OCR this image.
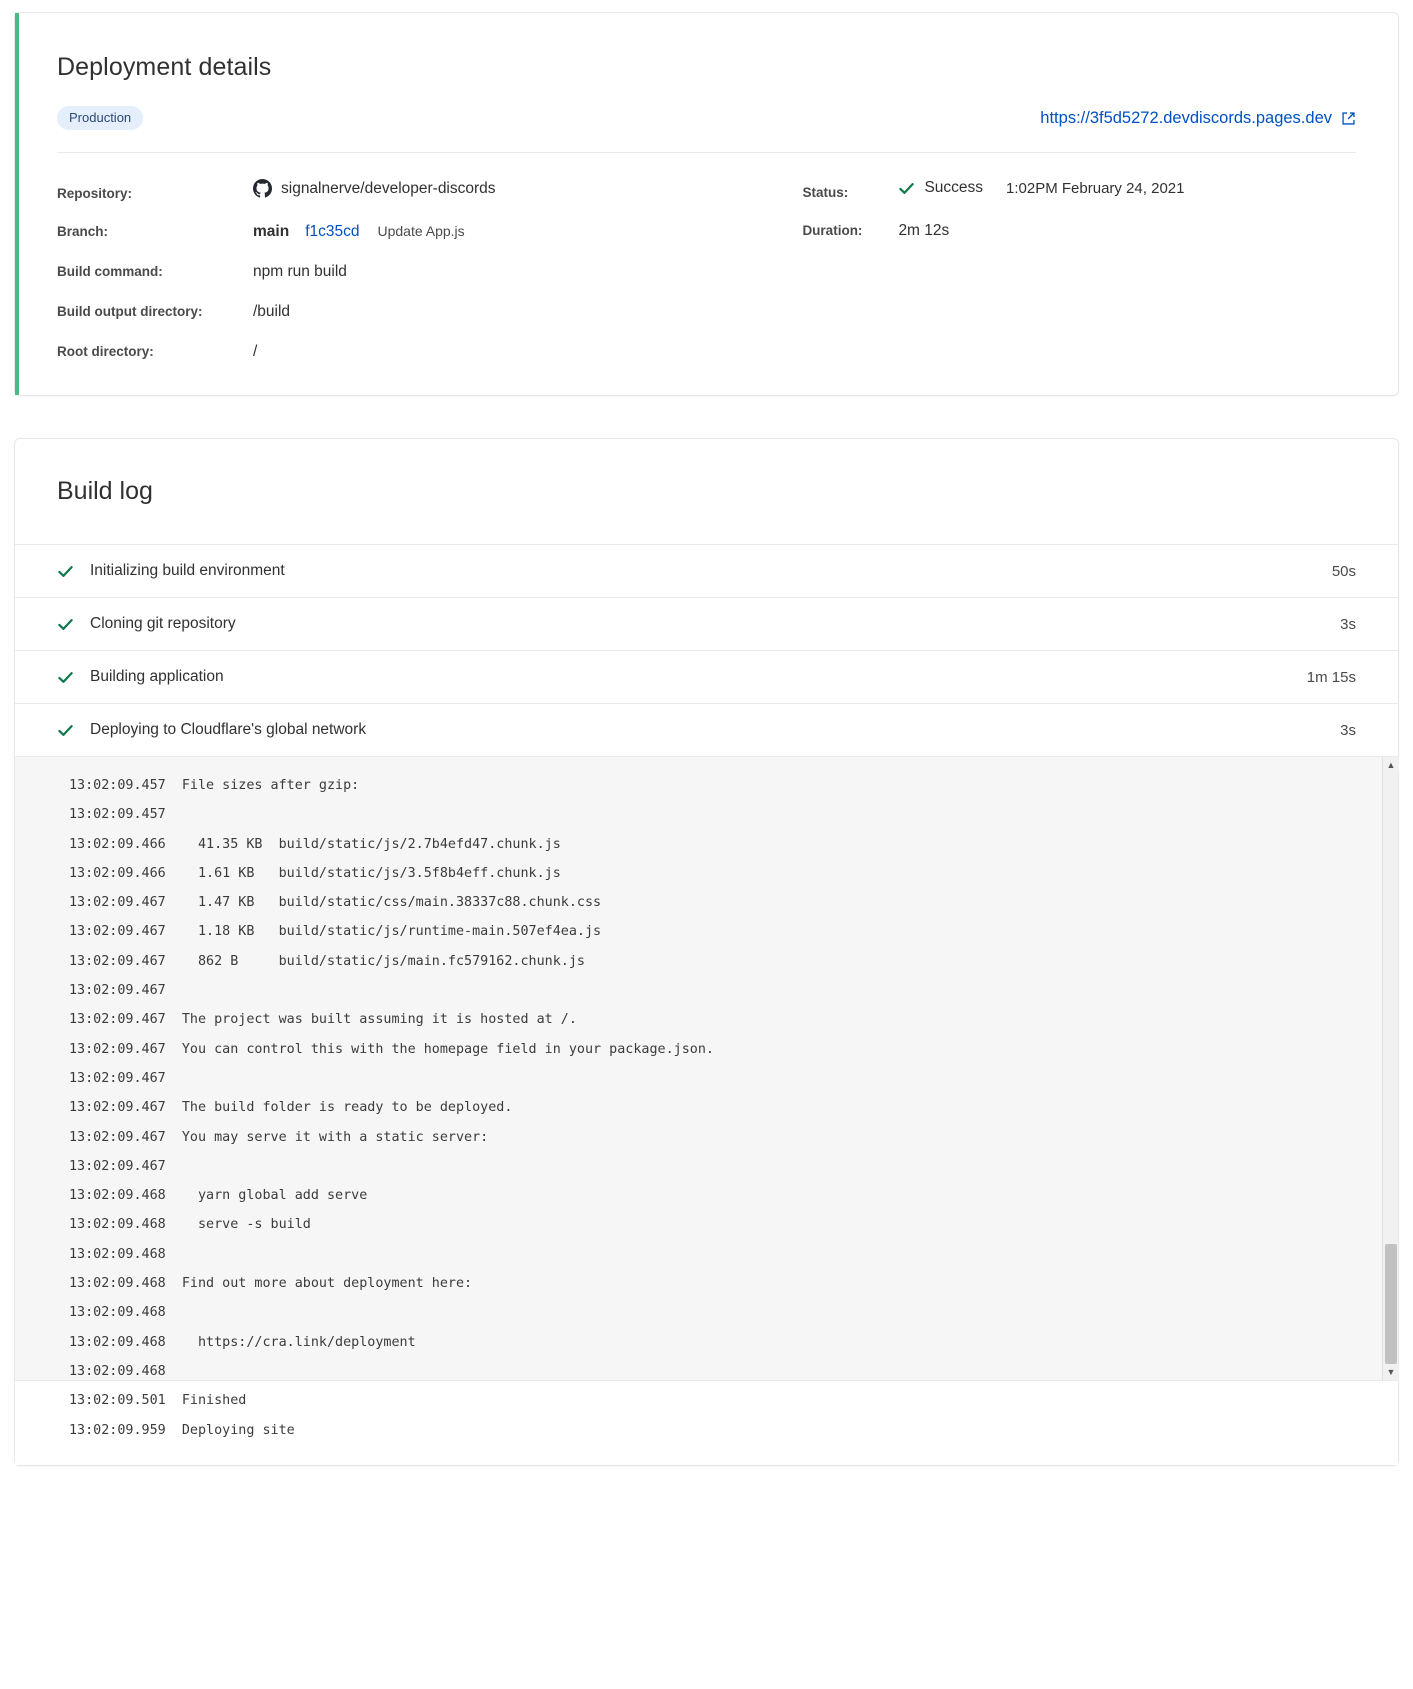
Deployment details
Production	https://3f5d5272.devdiscords.pages.dev
Repository:	signalnerve/developer-discords
Branch:	main f1c35cd Update App.js
Build command:	npm run build
Build output directory:	/build
Root directory:	/
Status:	Success 1:02PM February 24, 2021
Duration:	2m 12s
Build log
Initializing build environment	50s
Cloning git repository	3s
Building application	1m 15s
Deploying to Cloudflare's global network	3s
13:02:09.457 File sizes after gzip:
13:02:09.457
13:02:09.466    41.35 KB  build/static/js/2.7b4efd47.chunk.js
13:02:09.466    1.61 KB   build/static/js/3.5f8b4eff.chunk.js
13:02:09.467    1.47 KB   build/static/css/main.38337c88.chunk.css
13:02:09.467    1.18 KB   build/static/js/runtime-main.507ef4ea.js
13:02:09.467    862 B     build/static/js/main.fc579162.chunk.js
13:02:09.467
13:02:09.467 The project was built assuming it is hosted at /.
13:02:09.467 You can control this with the homepage field in your package.json.
13:02:09.467
13:02:09.467 The build folder is ready to be deployed.
13:02:09.467 You may serve it with a static server:
13:02:09.467
13:02:09.468    yarn global add serve
13:02:09.468    serve -s build
13:02:09.468
13:02:09.468 Find out more about deployment here:
13:02:09.468
13:02:09.468    https://cra.link/deployment
13:02:09.468
13:02:09.501 Finished
13:02:09.959 Deploying site
▲
▼
